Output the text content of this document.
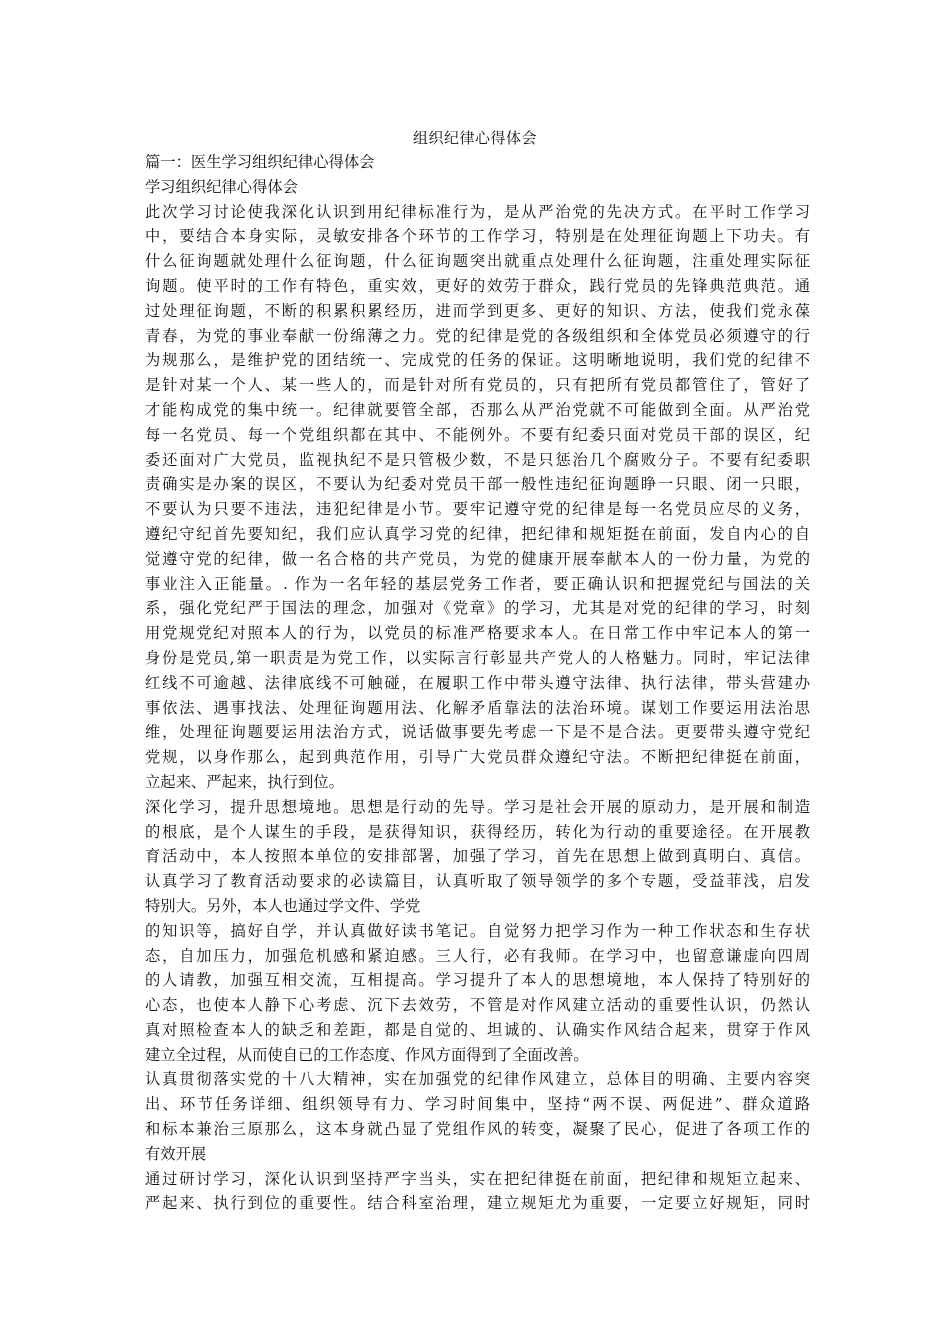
组织纪律心得体会
篇一：医生学习组织纪律心得体会
学习组织纪律心得体会
此次学习讨论使我深化认识到用纪律标准行为，是从严治党的先决方式。在平时工作学习
中，要结合本身实际，灵敏安排各个环节的工作学习，特别是在处理征询题上下功夫。有
什么征询题就处理什么征询题，什么征询题突出就重点处理什么征询题，注重处理实际征
询题。使平时的工作有特色，重实效，更好的效劳于群众，践行党员的先锋典范典范。通
过处理征询题，不断的积累积累经历，进而学到更多、更好的知识、方法，使我们党永葆
青春，为党的事业奉献一份绵薄之力。党的纪律是党的各级组织和全体党员必须遵守的行
为规那么，是维护党的团结统一、完成党的任务的保证。这明晰地说明，我们党的纪律不
是针对某一个人、某一些人的，而是针对所有党员的，只有把所有党员都管住了，管好了
才能构成党的集中统一。纪律就要管全部，否那么从严治党就不可能做到全面。从严治党
每一名党员、每一个党组织都在其中、不能例外。不要有纪委只面对党员干部的误区，纪
委还面对广大党员，监视执纪不是只管极少数，不是只惩治几个腐败分子。不要有纪委职
责确实是办案的误区，不要认为纪委对党员干部一般性违纪征询题睁一只眼、闭一只眼，
不要认为只要不违法，违犯纪律是小节。要牢记遵守党的纪律是每一名党员应尽的义务，
遵纪守纪首先要知纪，我们应认真学习党的纪律，把纪律和规矩挺在前面，发自内心的自
觉遵守党的纪律，做一名合格的共产党员，为党的健康开展奉献本人的一份力量，为党的
事业注入正能量。. 作为一名年轻的基层党务工作者，要正确认识和把握党纪与国法的关
系，强化党纪严于国法的理念，加强对《党章》的学习，尤其是对党的纪律的学习，时刻
用党规党纪对照本人的行为，以党员的标准严格要求本人。在日常工作中牢记本人的第一
身份是党员,第一职责是为党工作，以实际言行彰显共产党人的人格魅力。同时，牢记法律
红线不可逾越、法律底线不可触碰，在履职工作中带头遵守法律、执行法律，带头营建办
事依法、遇事找法、处理征询题用法、化解矛盾靠法的法治环境。谋划工作要运用法治思
维，处理征询题要运用法治方式，说话做事要先考虑一下是不是合法。更要带头遵守党纪
党规，以身作那么，起到典范作用，引导广大党员群众遵纪守法。不断把纪律挺在前面，
立起来、严起来，执行到位。
深化学习，提升思想境地。思想是行动的先导。学习是社会开展的原动力，是开展和制造
的根底，是个人谋生的手段，是获得知识，获得经历，转化为行动的重要途径。在开展教
育活动中，本人按照本单位的安排部署，加强了学习，首先在思想上做到真明白、真信。
认真学习了教育活动要求的必读篇目，认真听取了领导领学的多个专题，受益菲浅，启发
特别大。另外，本人也通过学文件、学党
的知识等，搞好自学，并认真做好读书笔记。自觉努力把学习作为一种工作状态和生存状
态，自加压力，加强危机感和紧迫感。三人行，必有我师。在学习中，也留意谦虚向四周
的人请教，加强互相交流，互相提高。学习提升了本人的思想境地，本人保持了特别好的
心态，也使本人静下心考虑、沉下去效劳，不管是对作风建立活动的重要性认识，仍然认
真对照检查本人的缺乏和差距，都是自觉的、坦诚的、认确实作风结合起来，贯穿于作风
建立全过程，从而使自已的工作态度、作风方面得到了全面改善。
认真贯彻落实党的十八大精神，实在加强党的纪律作风建立，总体目的明确、主要内容突
出、环节任务详细、组织领导有力、学习时间集中，坚持“两不误、两促进”、群众道路
和标本兼治三原那么，这本身就凸显了党组作风的转变，凝聚了民心，促进了各项工作的
有效开展
通过研讨学习，深化认识到坚持严字当头，实在把纪律挺在前面，把纪律和规矩立起来、
严起来、执行到位的重要性。结合科室治理，建立规矩尤为重要，一定要立好规矩，同时
